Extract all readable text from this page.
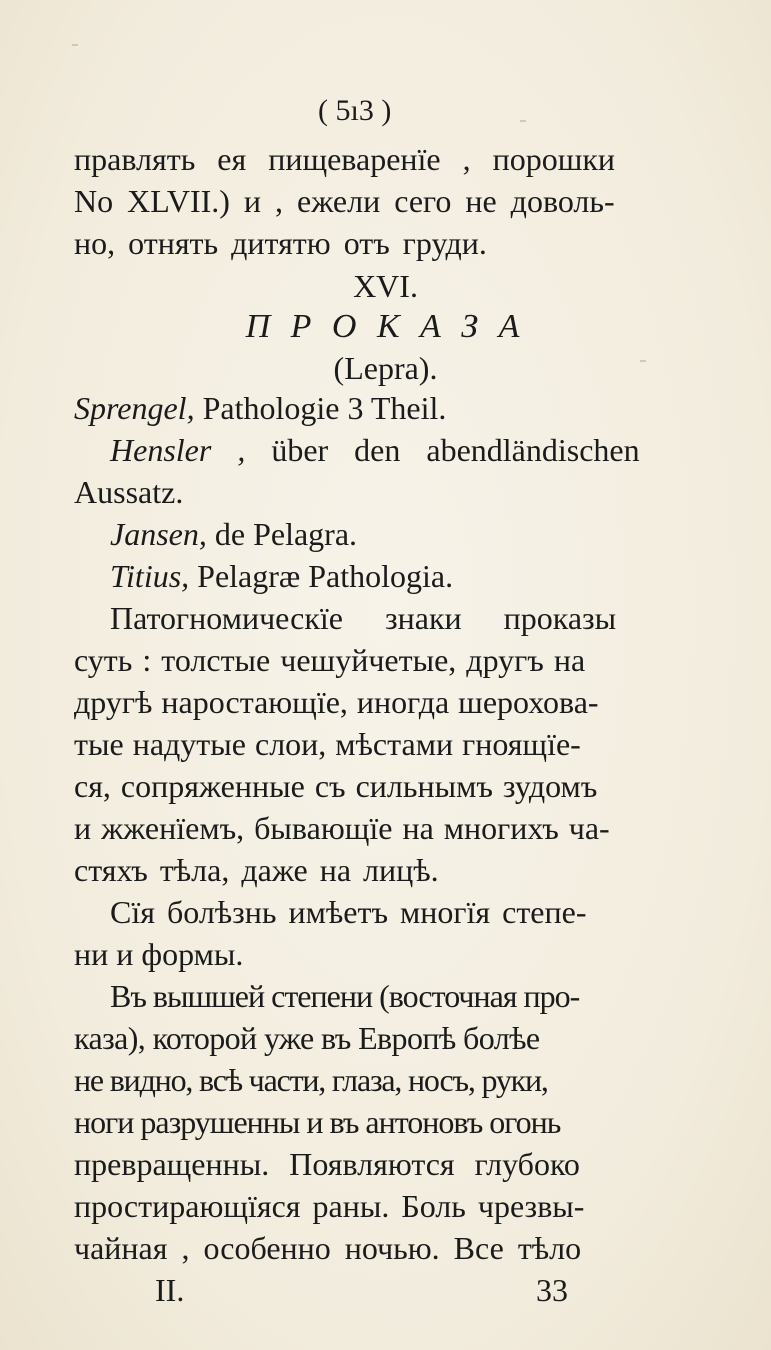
( 5ı3 )
правлять ея пищеваренїе , порошки
No XLVII.) и , ежели сего не доволь-
но, отнять дитятю отъ груди.
XVI.
П Р О К А З А
(Lepra).
Sprengel, Pathologie 3 Theil.
Hensler , über den abendländischen
Aussatz.
Jansen, de Pelagra.
Titius, Pelagræ Pathologia.
Патогномическїе знаки проказы
суть : толстые чешуйчетые, другъ на
другѣ наростающїе, иногда шерохова-
тые надутые слои, мѣстами гноящїе-
ся, сопряженные съ сильнымъ зудомъ
и жженїемъ, бывающїе на многихъ ча-
стяхъ тѣла, даже на лицѣ.
Сїя болѣзнь имѣетъ многїя степе-
ни и формы.
Въ вышшей степени (восточная про-
каза), которой уже въ Европѣ болѣе
не видно, всѣ части, глаза, носъ, руки,
ноги разрушенны и въ антоновъ огонь
превращенны. Появляются глубоко
простирающїяся раны. Боль чрезвы-
чайная , особенно ночью. Все тѣло
II.	33
